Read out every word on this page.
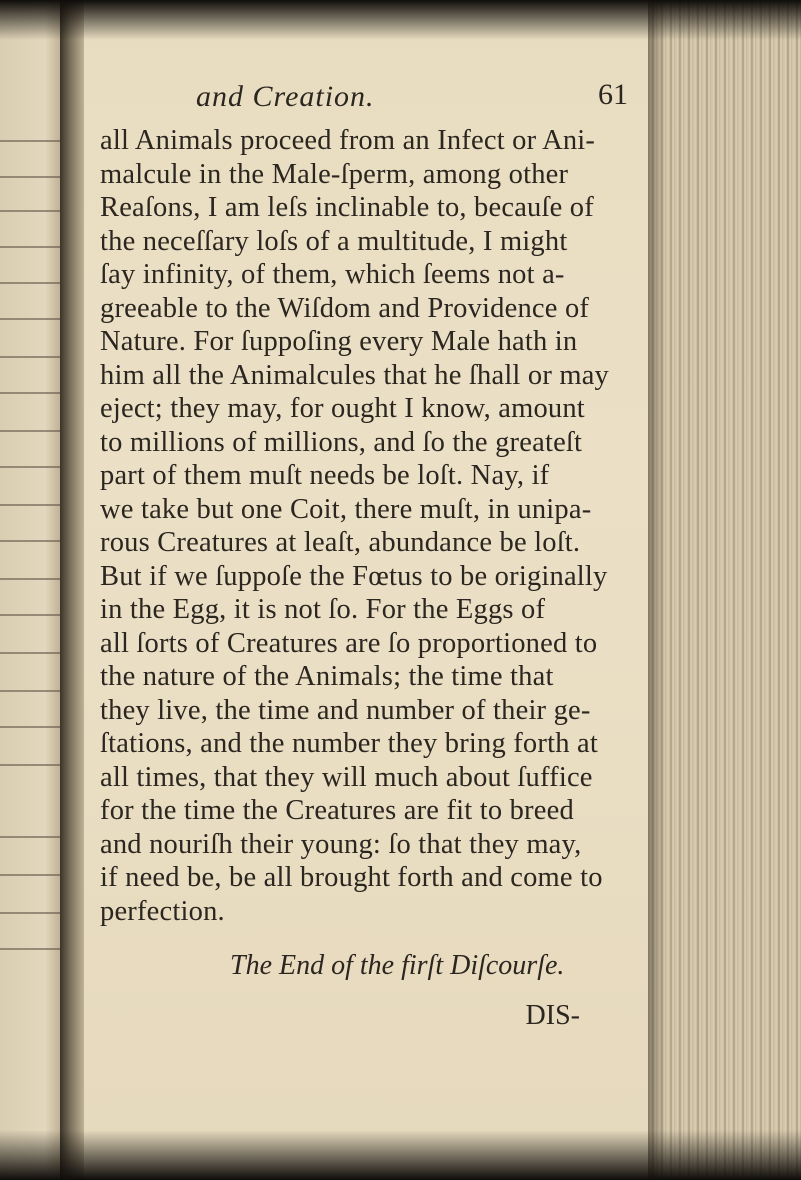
and Creation.	61
all Animals proceed from an Infect or Ani-
malcule in the Male-ſperm, among other
Reaſons, I am leſs inclinable to, becauſe of
the neceſſary loſs of a multitude, I might
ſay infinity, of them, which ſeems not a-
greeable to the Wiſdom and Providence of
Nature. For ſuppoſing every Male hath in
him all the Animalcules that he ſhall or may
eject; they may, for ought I know, amount
to millions of millions, and ſo the greateſt
part of them muſt needs be loſt. Nay, if
we take but one Coit, there muſt, in unipa-
rous Creatures at leaſt, abundance be loſt.
But if we ſuppoſe the Fœtus to be originally
in the Egg, it is not ſo. For the Eggs of
all ſorts of Creatures are ſo proportioned to
the nature of the Animals; the time that
they live, the time and number of their ge-
ſtations, and the number they bring forth at
all times, that they will much about ſuffice
for the time the Creatures are fit to breed
and nouriſh their young: ſo that they may,
if need be, be all brought forth and come to
perfection.
The End of the firſt Diſcourſe.
DIS-
